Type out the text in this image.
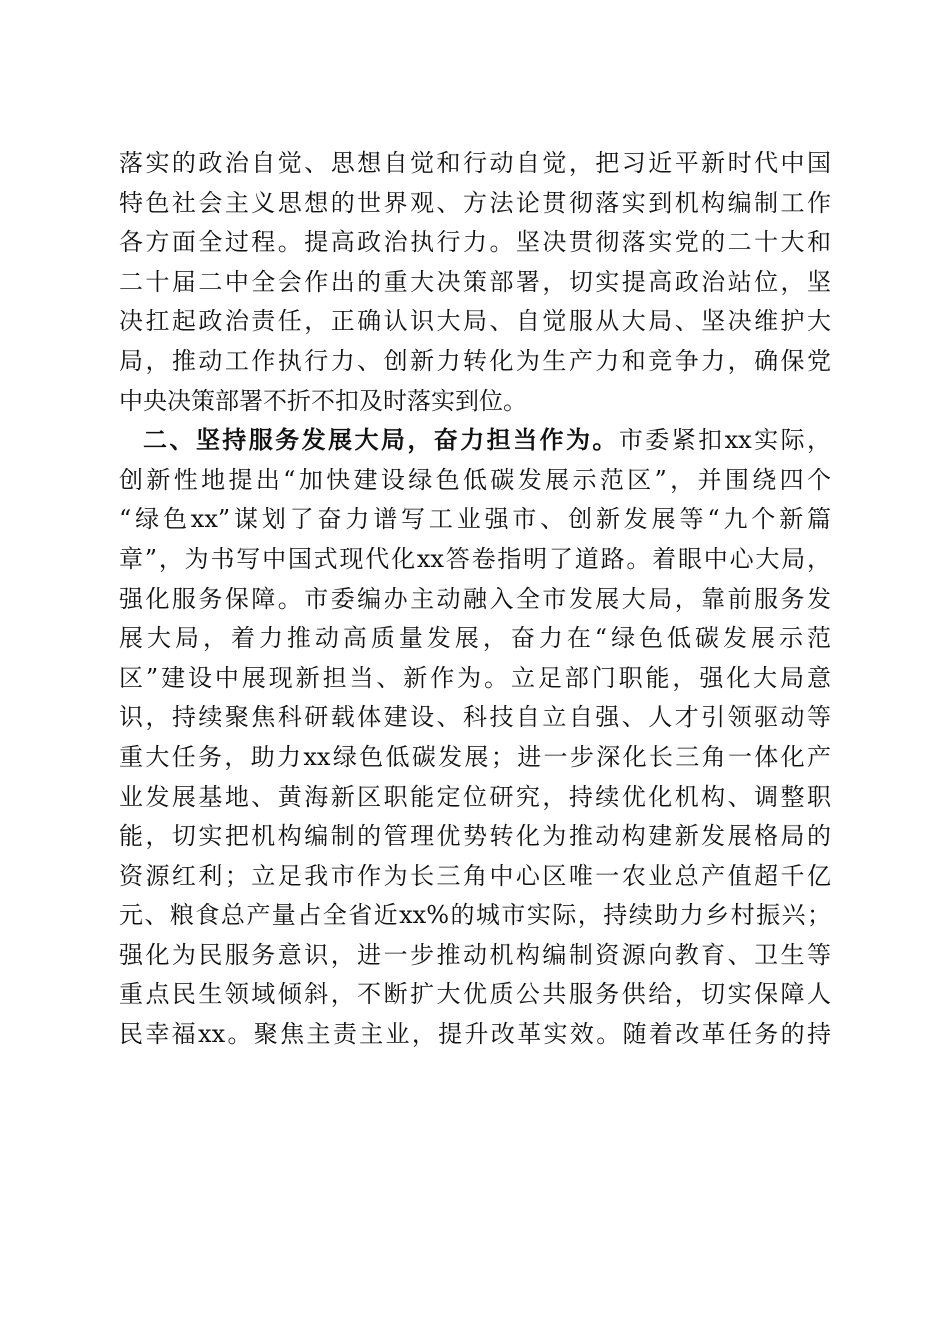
落实的政治自觉、思想自觉和行动自觉，把习近平新时代中国
特色社会主义思想的世界观、方法论贯彻落实到机构编制工作
各方面全过程。提高政治执行力。坚决贯彻落实党的二十大和
二十届二中全会作出的重大决策部署，切实提高政治站位，坚
决扛起政治责任，正确认识大局、自觉服从大局、坚决维护大
局，推动工作执行力、创新力转化为生产力和竞争力，确保党
中央决策部署不折不扣及时落实到位。
二、坚持服务发展大局，奋力担当作为。市委紧扣xx实际，
创新性地提出“加快建设绿色低碳发展示范区”，并围绕四个
“绿色xx”谋划了奋力谱写工业强市、创新发展等“九个新篇
章”，为书写中国式现代化xx答卷指明了道路。着眼中心大局，
强化服务保障。市委编办主动融入全市发展大局，靠前服务发
展大局，着力推动高质量发展，奋力在“绿色低碳发展示范
区”建设中展现新担当、新作为。立足部门职能，强化大局意
识，持续聚焦科研载体建设、科技自立自强、人才引领驱动等
重大任务，助力xx绿色低碳发展；进一步深化长三角一体化产
业发展基地、黄海新区职能定位研究，持续优化机构、调整职
能，切实把机构编制的管理优势转化为推动构建新发展格局的
资源红利；立足我市作为长三角中心区唯一农业总产值超千亿
元、粮食总产量占全省近xx%的城市实际，持续助力乡村振兴；
强化为民服务意识，进一步推动机构编制资源向教育、卫生等
重点民生领域倾斜，不断扩大优质公共服务供给，切实保障人
民幸福xx。聚焦主责主业，提升改革实效。随着改革任务的持
